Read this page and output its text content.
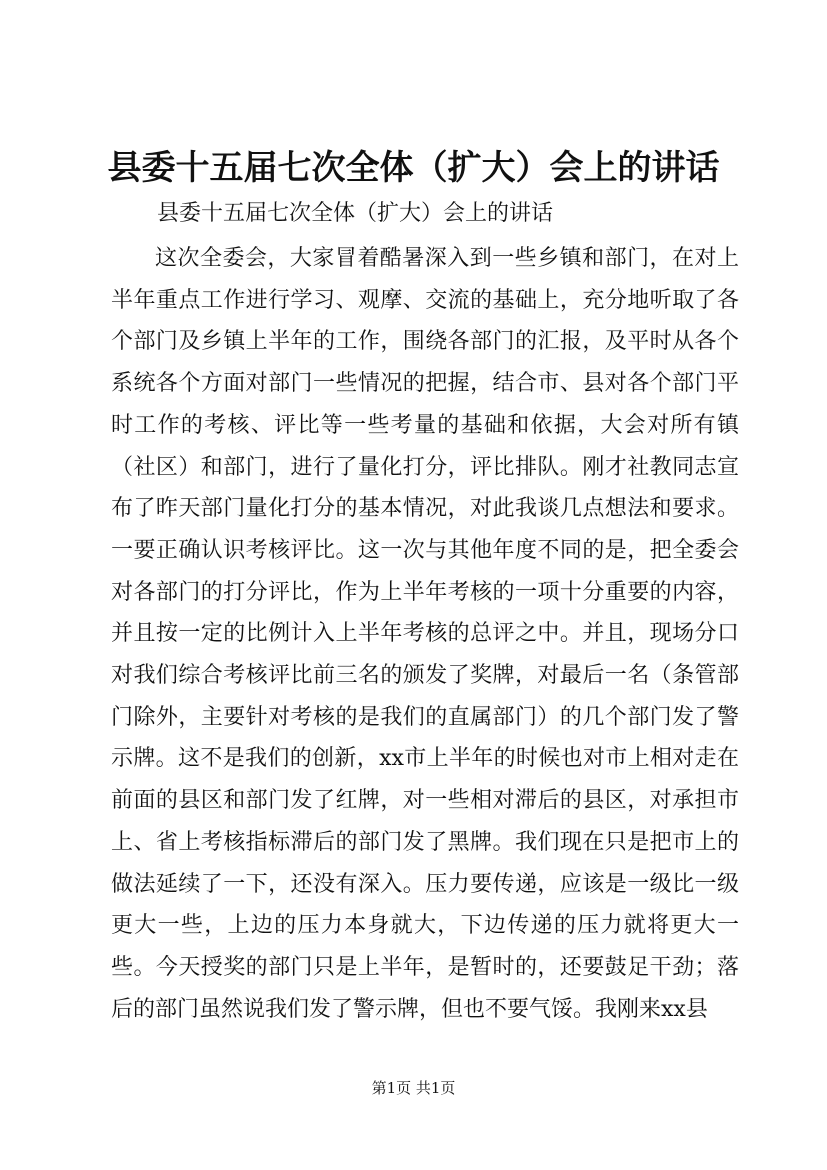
县委十五届七次全体（扩大）会上的讲话

县委十五届七次全体（扩大）会上的讲话

这次全委会，大家冒着酷暑深入到一些乡镇和部门，在对上半年重点工作进行学习、观摩、交流的基础上，充分地听取了各个部门及乡镇上半年的工作，围绕各部门的汇报，及平时从各个系统各个方面对部门一些情况的把握，结合市、县对各个部门平时工作的考核、评比等一些考量的基础和依据，大会对所有镇（社区）和部门，进行了量化打分，评比排队。刚才社教同志宣布了昨天部门量化打分的基本情况，对此我谈几点想法和要求。一要正确认识考核评比。这一次与其他年度不同的是，把全委会对各部门的打分评比，作为上半年考核的一项十分重要的内容，并且按一定的比例计入上半年考核的总评之中。并且，现场分口对我们综合考核评比前三名的颁发了奖牌，对最后一名（条管部门除外，主要针对考核的是我们的直属部门）的几个部门发了警示牌。这不是我们的创新，xx市上半年的时候也对市上相对走在前面的县区和部门发了红牌，对一些相对滞后的县区，对承担市上、省上考核指标滞后的部门发了黑牌。我们现在只是把市上的做法延续了一下，还没有深入。压力要传递，应该是一级比一级更大一些，上边的压力本身就大，下边传递的压力就将更大一些。今天授奖的部门只是上半年，是暂时的，还要鼓足干劲；落后的部门虽然说我们发了警示牌，但也不要气馁。我刚来xx县

第1页 共1页
